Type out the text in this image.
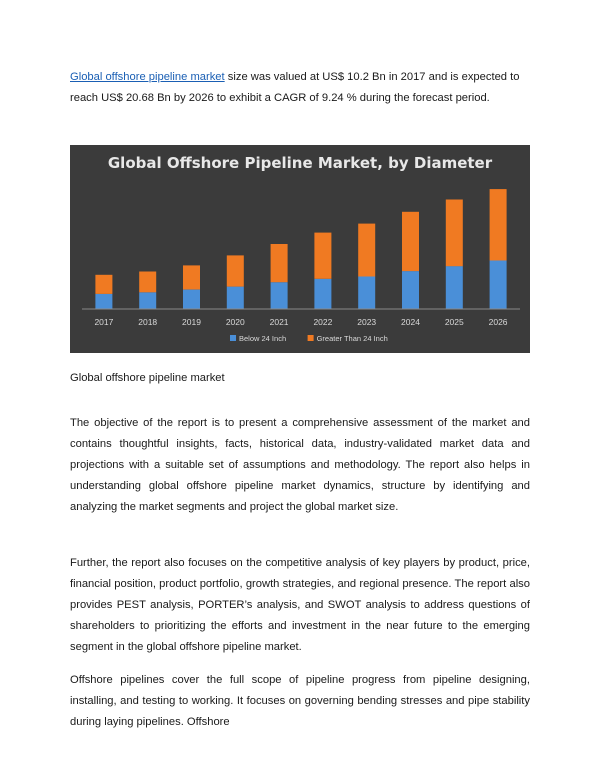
Global offshore pipeline market size was valued at US$ 10.2 Bn in 2017 and is expected to reach US$ 20.68 Bn by 2026 to exhibit a CAGR of 9.24 % during the forecast period.

Global Offshore Pipeline Market, by Diameter
2017	2018	2019	2020	2021	2022	2023	2024	2025	2026
Below 24 Inch	Greater Than 24 Inch

Global offshore pipeline market

The objective of the report is to present a comprehensive assessment of the market and contains thoughtful insights, facts, historical data, industry-validated market data and projections with a suitable set of assumptions and methodology. The report also helps in understanding global offshore pipeline market dynamics, structure by identifying and analyzing the market segments and project the global market size.

Further, the report also focuses on the competitive analysis of key players by product, price, financial position, product portfolio, growth strategies, and regional presence. The report also provides PEST analysis, PORTER’s analysis, and SWOT analysis to address questions of shareholders to prioritizing the efforts and investment in the near future to the emerging segment in the global offshore pipeline market.

Offshore pipelines cover the full scope of pipeline progress from pipeline designing, installing, and testing to working. It focuses on governing bending stresses and pipe stability during laying pipelines. Offshore
